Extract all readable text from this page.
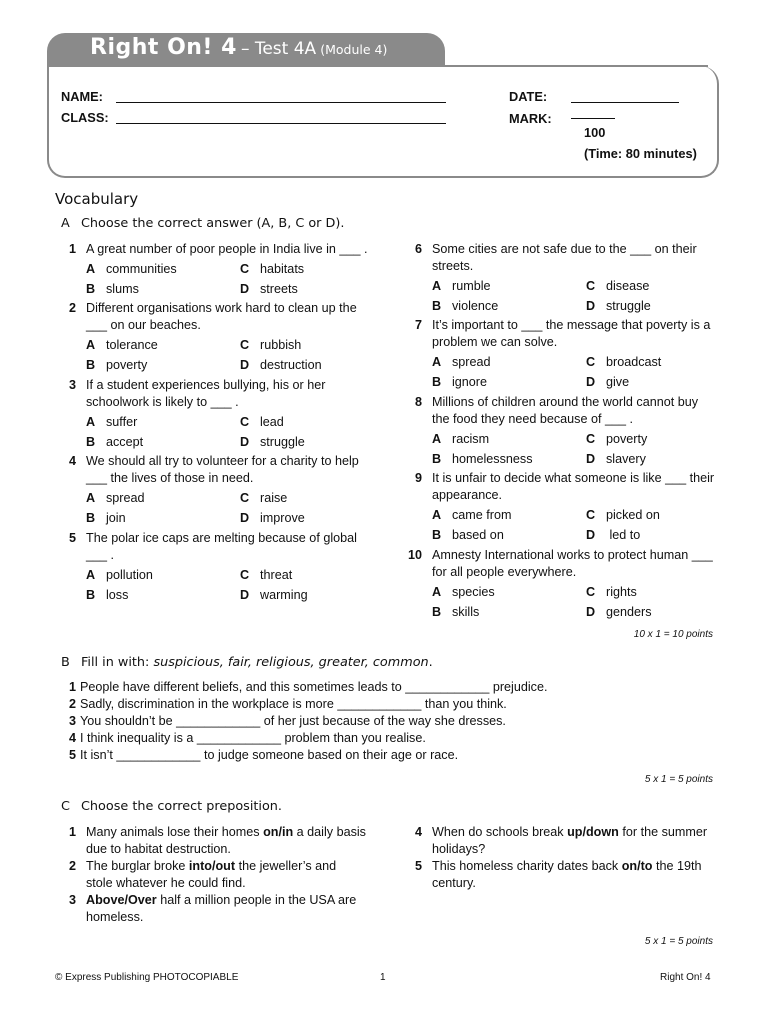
Right On! 4 – Test 4A (Module 4)
NAME:
CLASS:
DATE:
MARK:
100
(Time: 80 minutes)
Vocabulary
A Choose the correct answer (A, B, C or D).
1 A great number of poor people in India live in ___ .
A communities	C habitats
B slums	D streets
2 Different organisations work hard to clean up the ___ on our beaches.
A tolerance	C rubbish
B poverty	D destruction
3 If a student experiences bullying, his or her schoolwork is likely to ___ .
A suffer	C lead
B accept	D struggle
4 We should all try to volunteer for a charity to help ___ the lives of those in need.
A spread	C raise
B join	D improve
5 The polar ice caps are melting because of global ___ .
A pollution	C threat
B loss	D warming
6 Some cities are not safe due to the ___ on their streets.
A rumble	C disease
B violence	D struggle
7 It’s important to ___ the message that poverty is a problem we can solve.
A spread	C broadcast
B ignore	D give
8 Millions of children around the world cannot buy the food they need because of ___ .
A racism	C poverty
B homelessness	D slavery
9 It is unfair to decide what someone is like ___ their appearance.
A came from	C picked on
B based on	D led to
10 Amnesty International works to protect human ___ for all people everywhere.
A species	C rights
B skills	D genders
10 x 1 = 10 points
B Fill in with: suspicious, fair, religious, greater, common.
1 People have different beliefs, and this sometimes leads to ____________ prejudice.
2 Sadly, discrimination in the workplace is more ____________ than you think.
3 You shouldn’t be ____________ of her just because of the way she dresses.
4 I think inequality is a ____________ problem than you realise.
5 It isn’t ____________ to judge someone based on their age or race.
5 x 1 = 5 points
C Choose the correct preposition.
1 Many animals lose their homes on/in a daily basis due to habitat destruction.
2 The burglar broke into/out the jeweller’s and stole whatever he could find.
3 Above/Over half a million people in the USA are homeless.
4 When do schools break up/down for the summer holidays?
5 This homeless charity dates back on/to the 19th century.
5 x 1 = 5 points
© Express Publishing PHOTOCOPIABLE	1	Right On! 4
